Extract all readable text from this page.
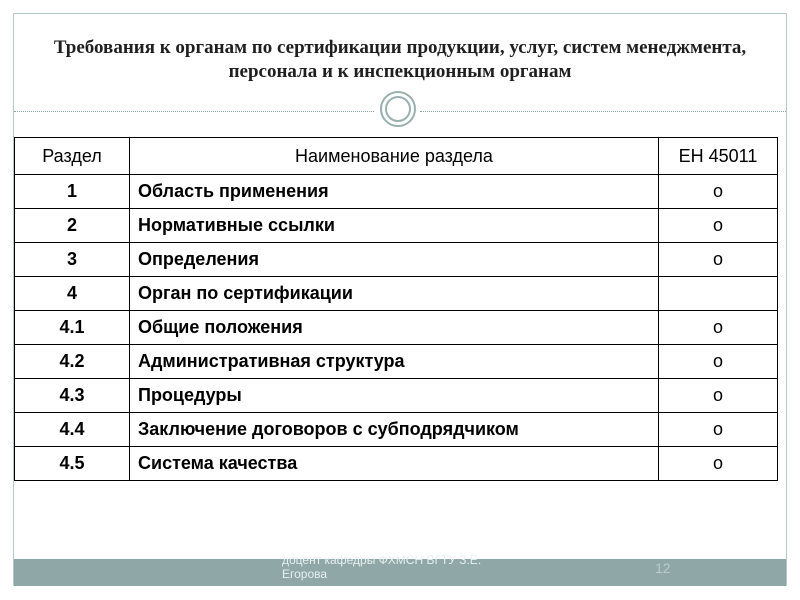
Требования к органам по сертификации продукции, услуг, систем менеджмента, персонала и к инспекционным органам
Раздел	Наименование раздела	ЕН 45011
1	Область применения	о
2	Нормативные ссылки	о
3	Определения	о
4	Орган по сертификации	
4.1	Общие положения	о
4.2	Административная структура	о
4.3	Процедуры	о
4.4	Заключение договоров с субподрядчиком	о
4.5	Система качества	о
доцент кафедры ФХМСН ВГТУ З.Е. Егорова	12
